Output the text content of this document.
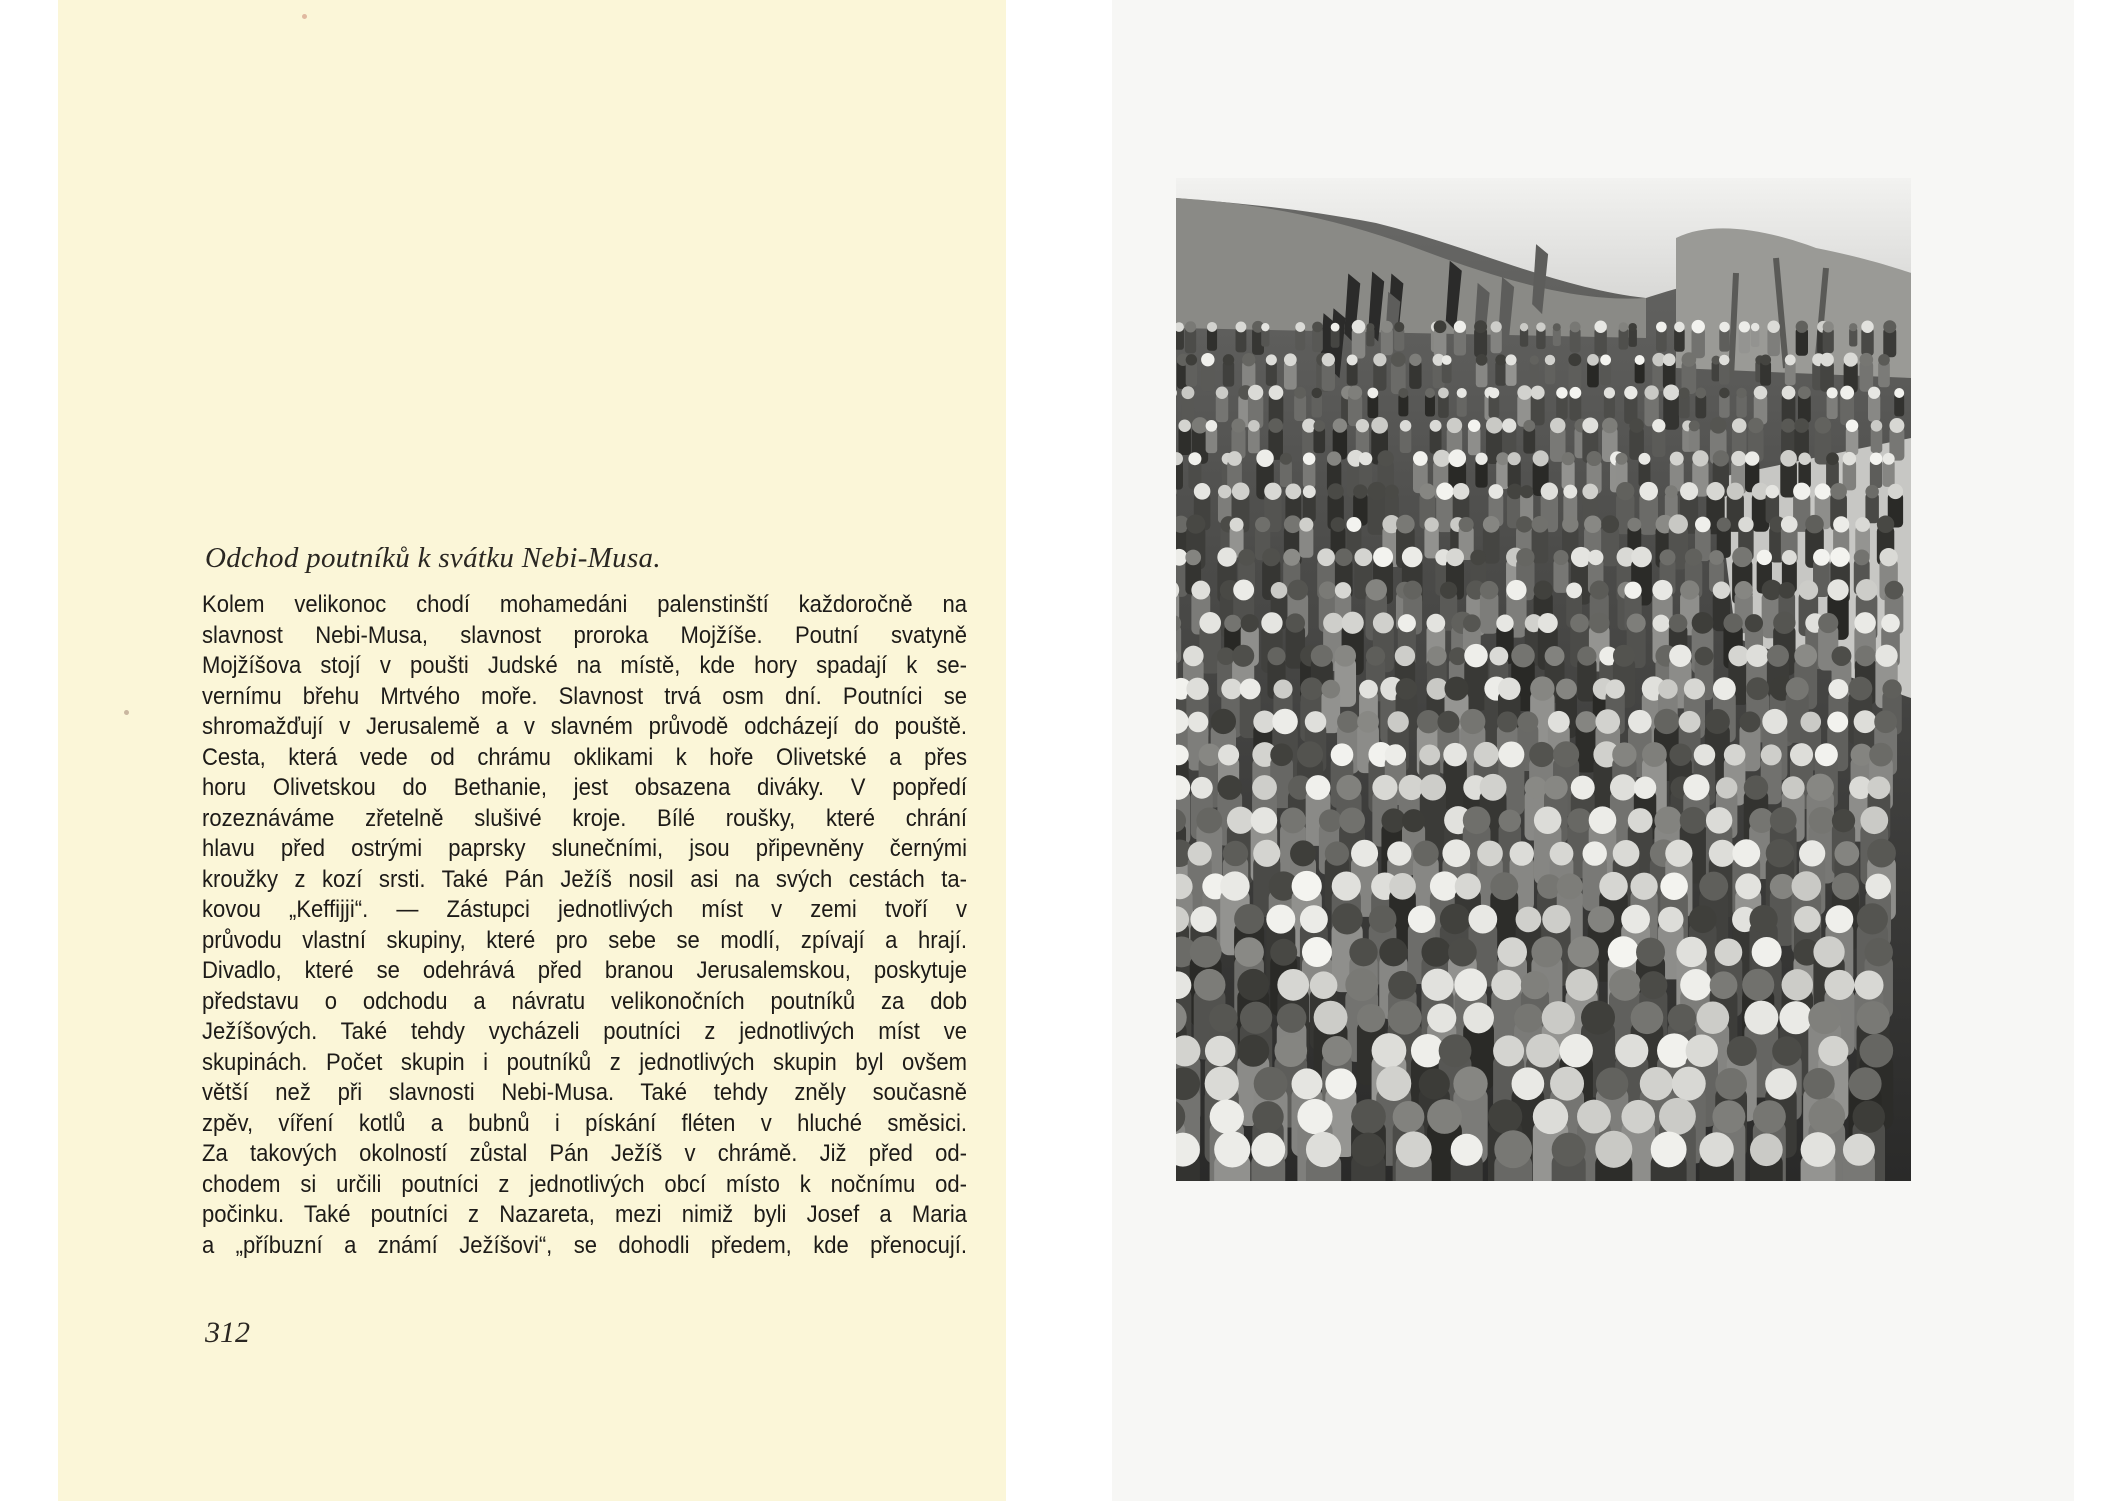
Odchod poutníků k svátku Nebi-Musa.
Kolem velikonoc chodí mohamedáni palenstinští každoročně na
slavnost Nebi-Musa, slavnost proroka Mojžíše. Poutní svatyně
Mojžíšova stojí v poušti Judské na místě, kde hory spadají k se-
vernímu břehu Mrtvého moře. Slavnost trvá osm dní. Poutníci se
shromažďují v Jerusalemě a v slavném průvodě odcházejí do pouště.
Cesta, která vede od chrámu oklikami k hoře Olivetské a přes
horu Olivetskou do Bethanie, jest obsazena diváky. V popředí
rozeznáváme zřetelně slušivé kroje. Bílé roušky, které chrání
hlavu před ostrými paprsky slunečními, jsou připevněny černými
kroužky z kozí srsti. Také Pán Ježíš nosil asi na svých cestách ta-
kovou „Keffijji“. — Zástupci jednotlivých míst v zemi tvoří v
průvodu vlastní skupiny, které pro sebe se modlí, zpívají a hrají.
Divadlo, které se odehrává před branou Jerusalemskou, poskytuje
představu o odchodu a návratu velikonočních poutníků za dob
Ježíšových. Také tehdy vycházeli poutníci z jednotlivých míst ve
skupinách. Počet skupin i poutníků z jednotlivých skupin byl ovšem
větší než při slavnosti Nebi-Musa. Také tehdy zněly současně
zpěv, víření kotlů a bubnů i pískání fléten v hluché směsici.
Za takových okolností zůstal Pán Ježíš v chrámě. Již před od-
chodem si určili poutníci z jednotlivých obcí místo k nočnímu od-
počinku. Také poutníci z Nazareta, mezi nimiž byli Josef a Maria
a „příbuzní a známí Ježíšovi“, se dohodli předem, kde přenocují.
312
